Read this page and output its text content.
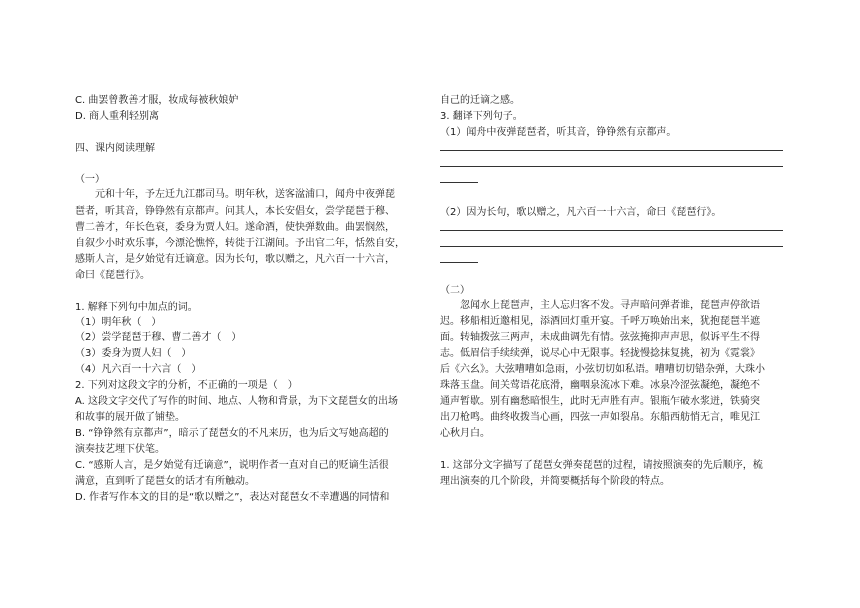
C. 曲罢曾教善才服，妆成每被秋娘妒
D. 商人重利轻别离
四、课内阅读理解
（一）
元和十年，予左迁九江郡司马。明年秋，送客湓浦口，闻舟中夜弹琵
琶者，听其音，铮铮然有京都声。问其人，本长安倡女，尝学琵琶于穆、
曹二善才，年长色衰，委身为贾人妇。遂命酒，使快弹数曲。曲罢悯然，
自叙少小时欢乐事，今漂沦憔悴，转徙于江湖间。予出官二年，恬然自安，
感斯人言，是夕始觉有迁谪意。因为长句，歌以赠之，凡六百一十六言，
命曰《琵琶行》。
1. 解释下列句中加点的词。
（1）明年秋（　）
（2）尝学琵琶于穆、曹二善才（　）
（3）委身为贾人妇（　）
（4）凡六百一十六言（　）
2. 下列对这段文字的分析，不正确的一项是（　）
A. 这段文字交代了写作的时间、地点、人物和背景，为下文琵琶女的出场
和故事的展开做了铺垫。
B. “铮铮然有京都声”，暗示了琵琶女的不凡来历，也为后文写她高超的
演奏技艺埋下伏笔。
C. “感斯人言，是夕始觉有迁谪意”，说明作者一直对自己的贬谪生活很
满意，直到听了琵琶女的话才有所触动。
D. 作者写作本文的目的是“歌以赠之”，表达对琵琶女不幸遭遇的同情和
自己的迁谪之感。
3. 翻译下列句子。
（1）闻舟中夜弹琵琶者，听其音，铮铮然有京都声。
（2）因为长句，歌以赠之，凡六百一十六言，命曰《琵琶行》。
（二）
忽闻水上琵琶声，主人忘归客不发。寻声暗问弹者谁，琵琶声停欲语
迟。移船相近邀相见，添酒回灯重开宴。千呼万唤始出来，犹抱琵琶半遮
面。转轴拨弦三两声，未成曲调先有情。弦弦掩抑声声思，似诉平生不得
志。低眉信手续续弹，说尽心中无限事。轻拢慢捻抹复挑，初为《霓裳》
后《六幺》。大弦嘈嘈如急雨，小弦切切如私语。嘈嘈切切错杂弹，大珠小
珠落玉盘。间关莺语花底滑，幽咽泉流冰下难。冰泉冷涩弦凝绝，凝绝不
通声暂歇。别有幽愁暗恨生，此时无声胜有声。银瓶乍破水浆迸，铁骑突
出刀枪鸣。曲终收拨当心画，四弦一声如裂帛。东船西舫悄无言，唯见江
心秋月白。
1. 这部分文字描写了琵琶女弹奏琵琶的过程，请按照演奏的先后顺序，梳
理出演奏的几个阶段，并简要概括每个阶段的特点。
